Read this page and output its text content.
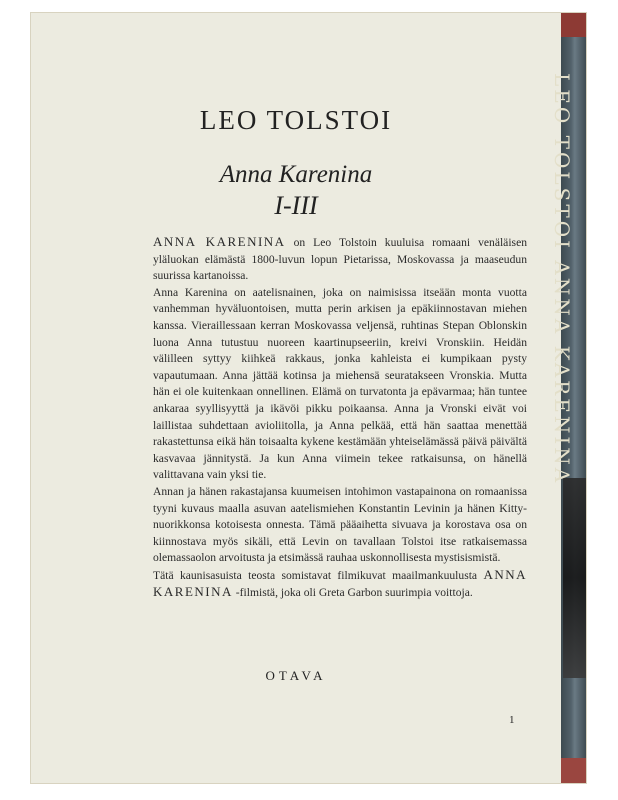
LEO TOLSTOI
Anna Karenina
I-III

ANNA KARENINA on Leo Tolstoin kuuluisa romaani venäläisen yläluokan elämästä 1800-luvun lopun Pietarissa, Moskovassa ja maaseudun suurissa kartanoissa.

Anna Karenina on aatelisnainen, joka on naimisissa itseään monta vuotta vanhemman hyväluontoisen, mutta perin arkisen ja epäkiinnostavan miehen kanssa. Vieraillessaan kerran Moskovassa veljensä, ruhtinas Stepan Oblonskin luona Anna tutustuu nuoreen kaartinupseeriin, kreivi Vronskiin. Heidän välilleen syttyy kiihkeä rakkaus, jonka kahleista ei kumpikaan pysty vapautumaan. Anna jättää kotinsa ja miehensä seuratakseen Vronskia. Mutta hän ei ole kuitenkaan onnellinen. Elämä on turvatonta ja epävarmaa; hän tuntee ankaraa syyllisyyttä ja ikävöi pikku poikaansa. Anna ja Vronski eivät voi laillistaa suhdettaan avioliitolla, ja Anna pelkää, että hän saattaa menettää rakastettunsa eikä hän toisaalta kykene kestämään yhteiselämässä päivä päivältä kasvavaa jännitystä. Ja kun Anna viimein tekee ratkaisunsa, on hänellä valittavana vain yksi tie.

Annan ja hänen rakastajansa kuumeisen intohimon vastapainona on romaanissa tyyni kuvaus maalla asuvan aatelismiehen Konstantin Levinin ja hänen Kitty-nuorikkonsa kotoisesta onnesta. Tämä pääaihetta sivuava ja korostava osa on kiinnostava myös sikäli, että Levin on tavallaan Tolstoi itse ratkaisemassa olemassaolon arvoitusta ja etsimässä rauhaa uskonnollisesta mystisismistä.

Tätä kaunisasuista teosta somistavat filmikuvat maailmankuulusta ANNA KARENINA -filmistä, joka oli Greta Garbon suurimpia voittoja.

OTAVA
1
LEO TOLSTOI ANNA KARENINA
